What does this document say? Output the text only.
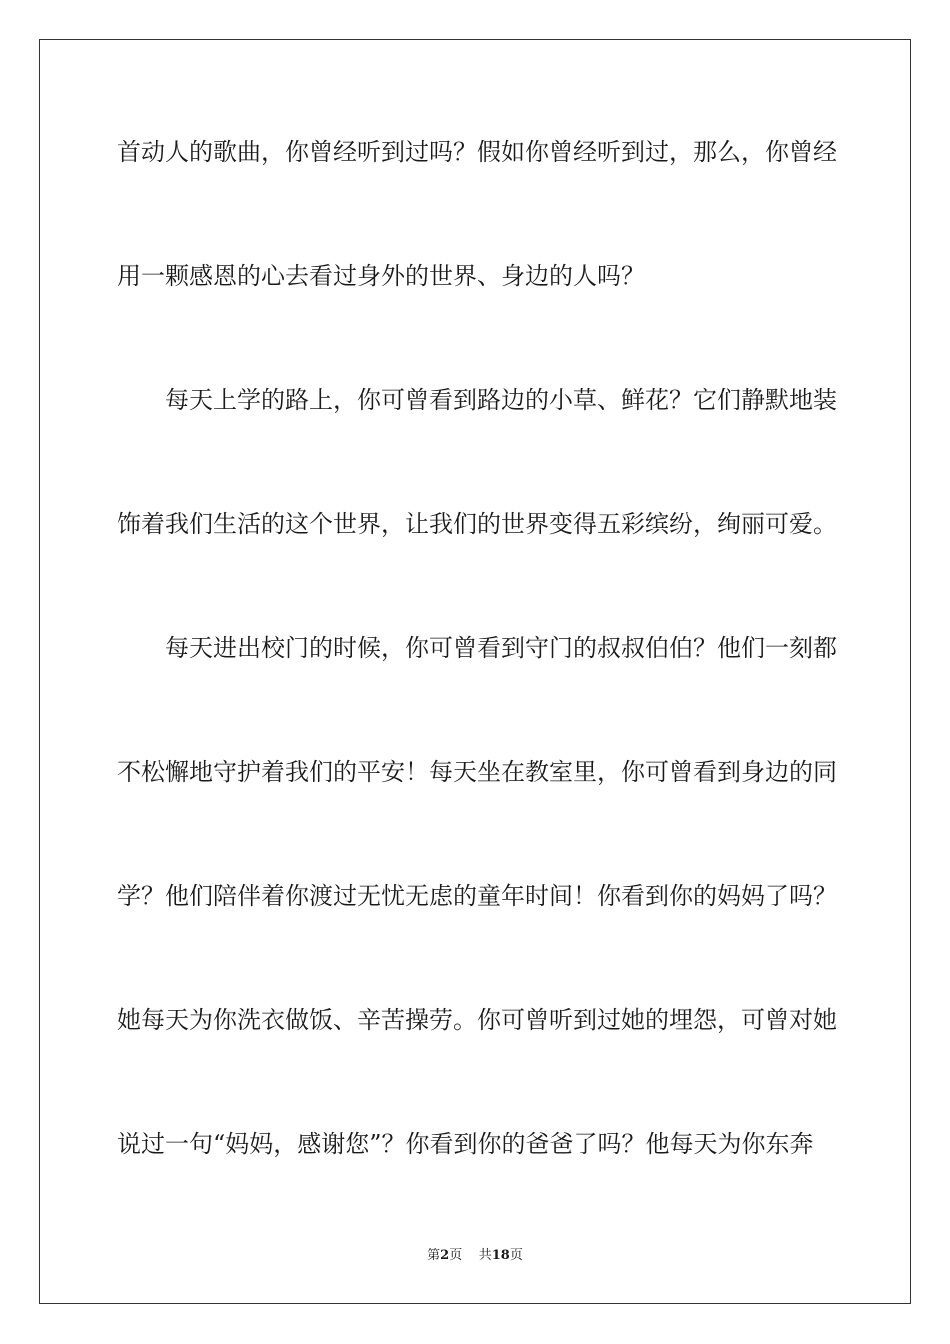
首动人的歌曲，你曾经听到过吗？假如你曾经听到过，那么，你曾经
用一颗感恩的心去看过身外的世界、身边的人吗？
每天上学的路上，你可曾看到路边的小草、鲜花？它们静默地装
饰着我们生活的这个世界，让我们的世界变得五彩缤纷，绚丽可爱。
每天进出校门的时候，你可曾看到守门的叔叔伯伯？他们一刻都
不松懈地守护着我们的平安！每天坐在教室里，你可曾看到身边的同
学？他们陪伴着你渡过无忧无虑的童年时间！你看到你的妈妈了吗？
她每天为你洗衣做饭、辛苦操劳。你可曾听到过她的埋怨，可曾对她
说过一句“妈妈，感谢您”？你看到你的爸爸了吗？他每天为你东奔
第2页 共18页
